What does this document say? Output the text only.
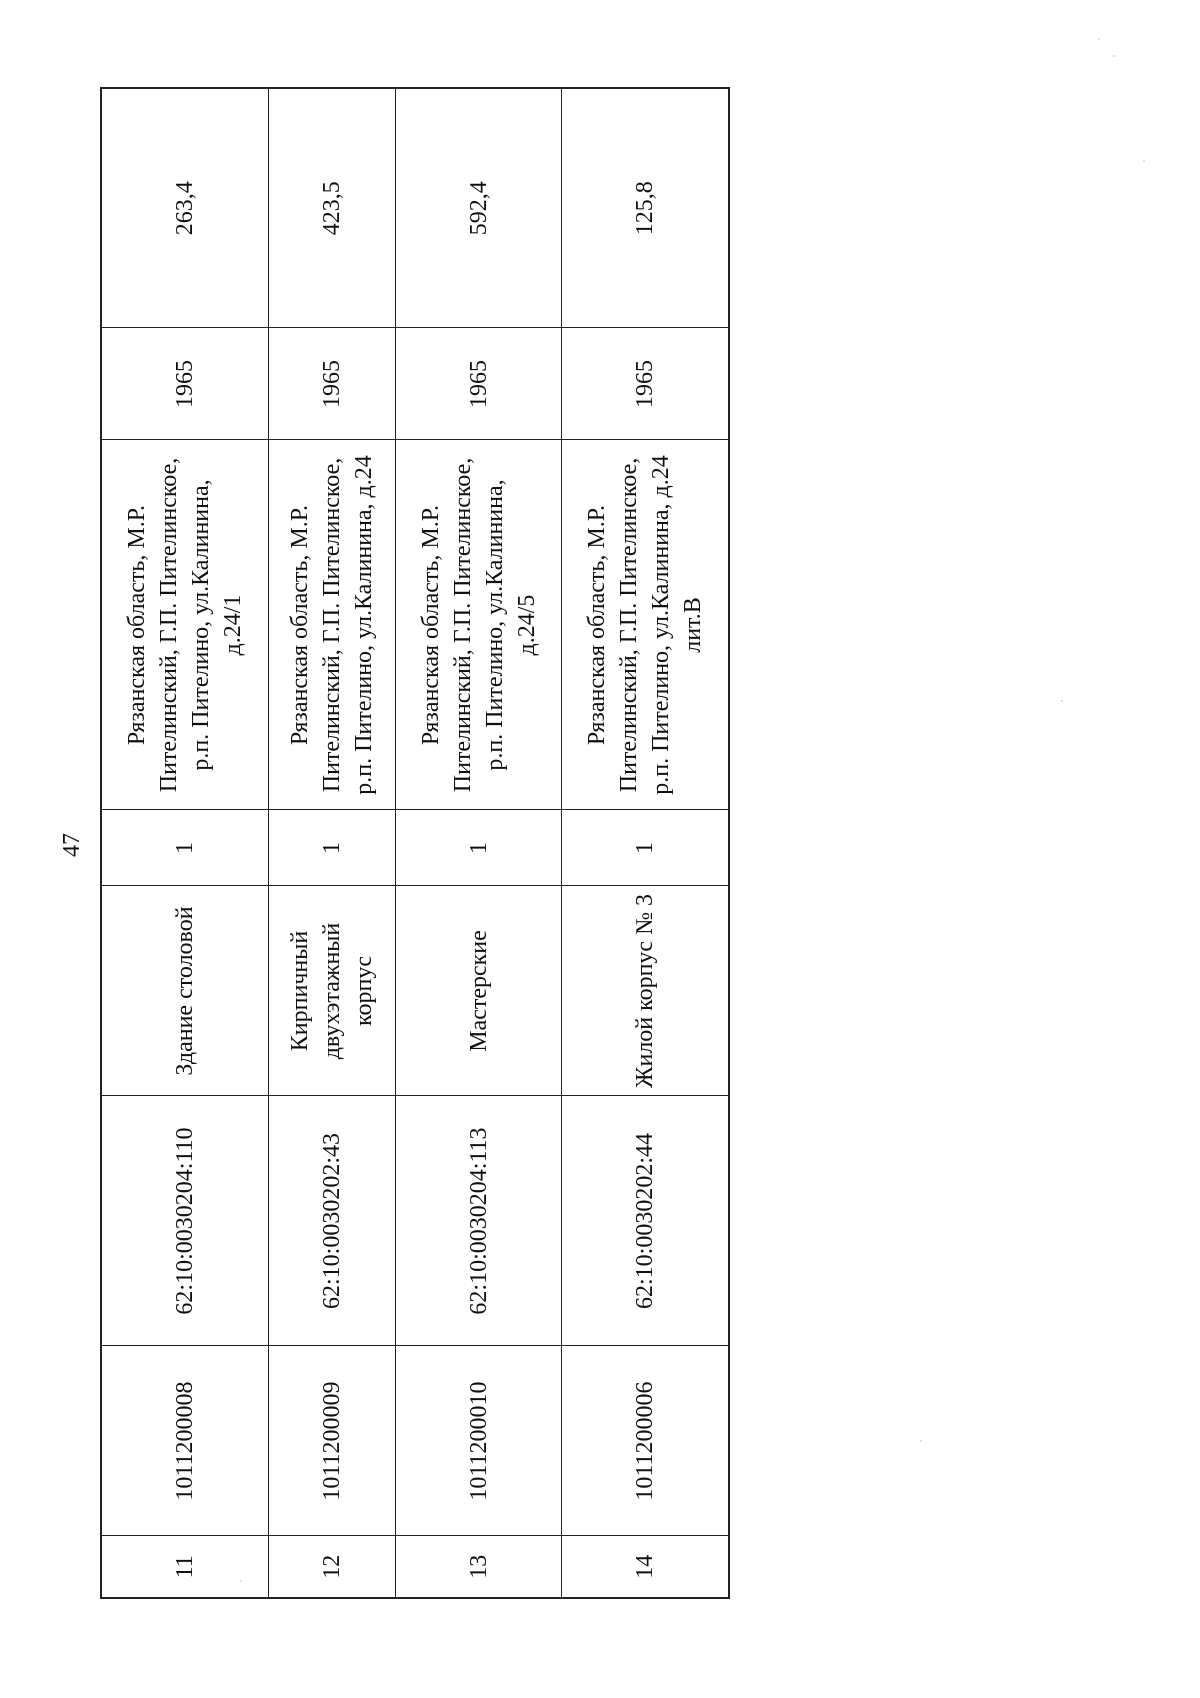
47
11	1011200008	62:10:0030204:110	Здание столовой	1	Рязанская область, М.Р. Пителинский, Г.П. Пителинское, р.п. Пителино, ул.Калинина, д.24/1	1965	263,4
12	1011200009	62:10:0030202:43	Кирпичный двухэтажный корпус	1	Рязанская область, М.Р. Пителинский, Г.П. Пителинское, р.п. Пителино, ул.Калинина, д.24	1965	423,5
13	1011200010	62:10:0030204:113	Мастерские	1	Рязанская область, М.Р. Пителинский, Г.П. Пителинское, р.п. Пителино, ул.Калинина, д.24/5	1965	592,4
14	1011200006	62:10:0030202:44	Жилой корпус № 3	1	Рязанская область, М.Р. Пителинский, Г.П. Пителинское, р.п. Пителино, ул.Калинина, д.24 лит.В	1965	125,8
